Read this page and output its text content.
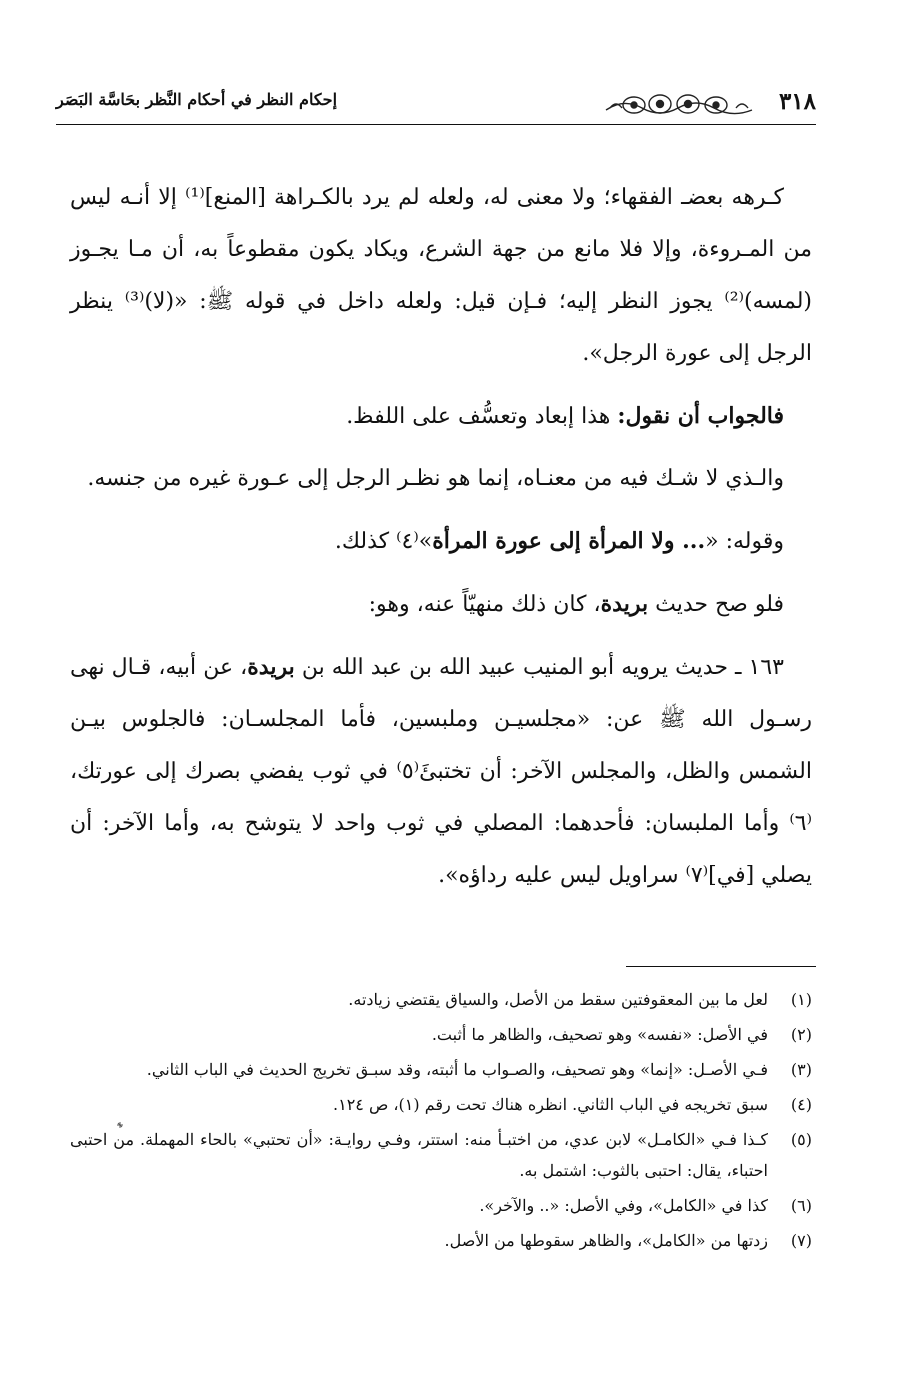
٣١٨
إحكام النظر في أحكام النَّظر بحَاسَّة البَصَر

كـرهه بعضـ الفقهاء؛ ولا معنى له، ولعله لم يرد بالكـراهة [المنع]⁽¹⁾ إلا أنـه ليس من المـروءة، وإلا فلا مانع من جهة الشرع، ويكاد يكون مقطوعاً به، أن مـا يجـوز (لمسه)⁽²⁾ يجوز النظر إليه؛ فـإن قيل: ولعله داخل في قوله ﷺ: «(لا)⁽³⁾ ينظر الرجل إلى عورة الرجل».

فالجواب أن نقول: هذا إبعاد وتعسُّف على اللفظ.

والـذي لا شـك فيه من معنـاه، إنما هو نظـر الرجل إلى عـورة غيره من جنسه.

وقوله: «... ولا المرأة إلى عورة المرأة»⁽٤⁾ كذلك.

فلو صح حديث بريدة، كان ذلك منهيّاً عنه، وهو:

١٦٣ ـ حديث يرويه أبو المنيب عبيد الله بن عبد الله بن بريدة، عن أبيه، قـال نهى رسـول الله ﷺ عن: «مجلسيـن وملبسين، فأما المجلسـان: فالجلوس بيـن الشمس والظل، والمجلس الآخر: أن تختبئَ⁽٥⁾ في ثوب يفضي بصرك إلى عورتك،⁽٦⁾ وأما الملبسان: فأحدهما: المصلي في ثوب واحد لا يتوشح به، وأما الآخر: أن يصلي [في]⁽٧⁾ سراويل ليس عليه رداؤه».

(١)
لعل ما بين المعقوفتين سقط من الأصل، والسياق يقتضي زيادته.
(٢)
في الأصل: «نفسه» وهو تصحيف، والظاهر ما أثبت.
(٣)
فـي الأصـل: «إنما» وهو تصحيف، والصـواب ما أثبته، وقد سبـق تخريج الحديث في الباب الثاني.
(٤)
سبق تخريجه في الباب الثاني. انظره هناك تحت رقم (١)، ص ١٢٤.
(٥)
كـذا فـي «الكامـل» لابن عدي، من اختبـأ منه: استتر، وفـي روايـة: «أن تحتبي» بالحاء المهملة. من احتبى احتباء، يقال: احتبى بالثوب: اشتمل به.
(٦)
كذا في «الكامل»، وفي الأصل: «.. والآخر».
(٧)
زدتها من «الكامل»، والظاهر سقوطها من الأصل.
